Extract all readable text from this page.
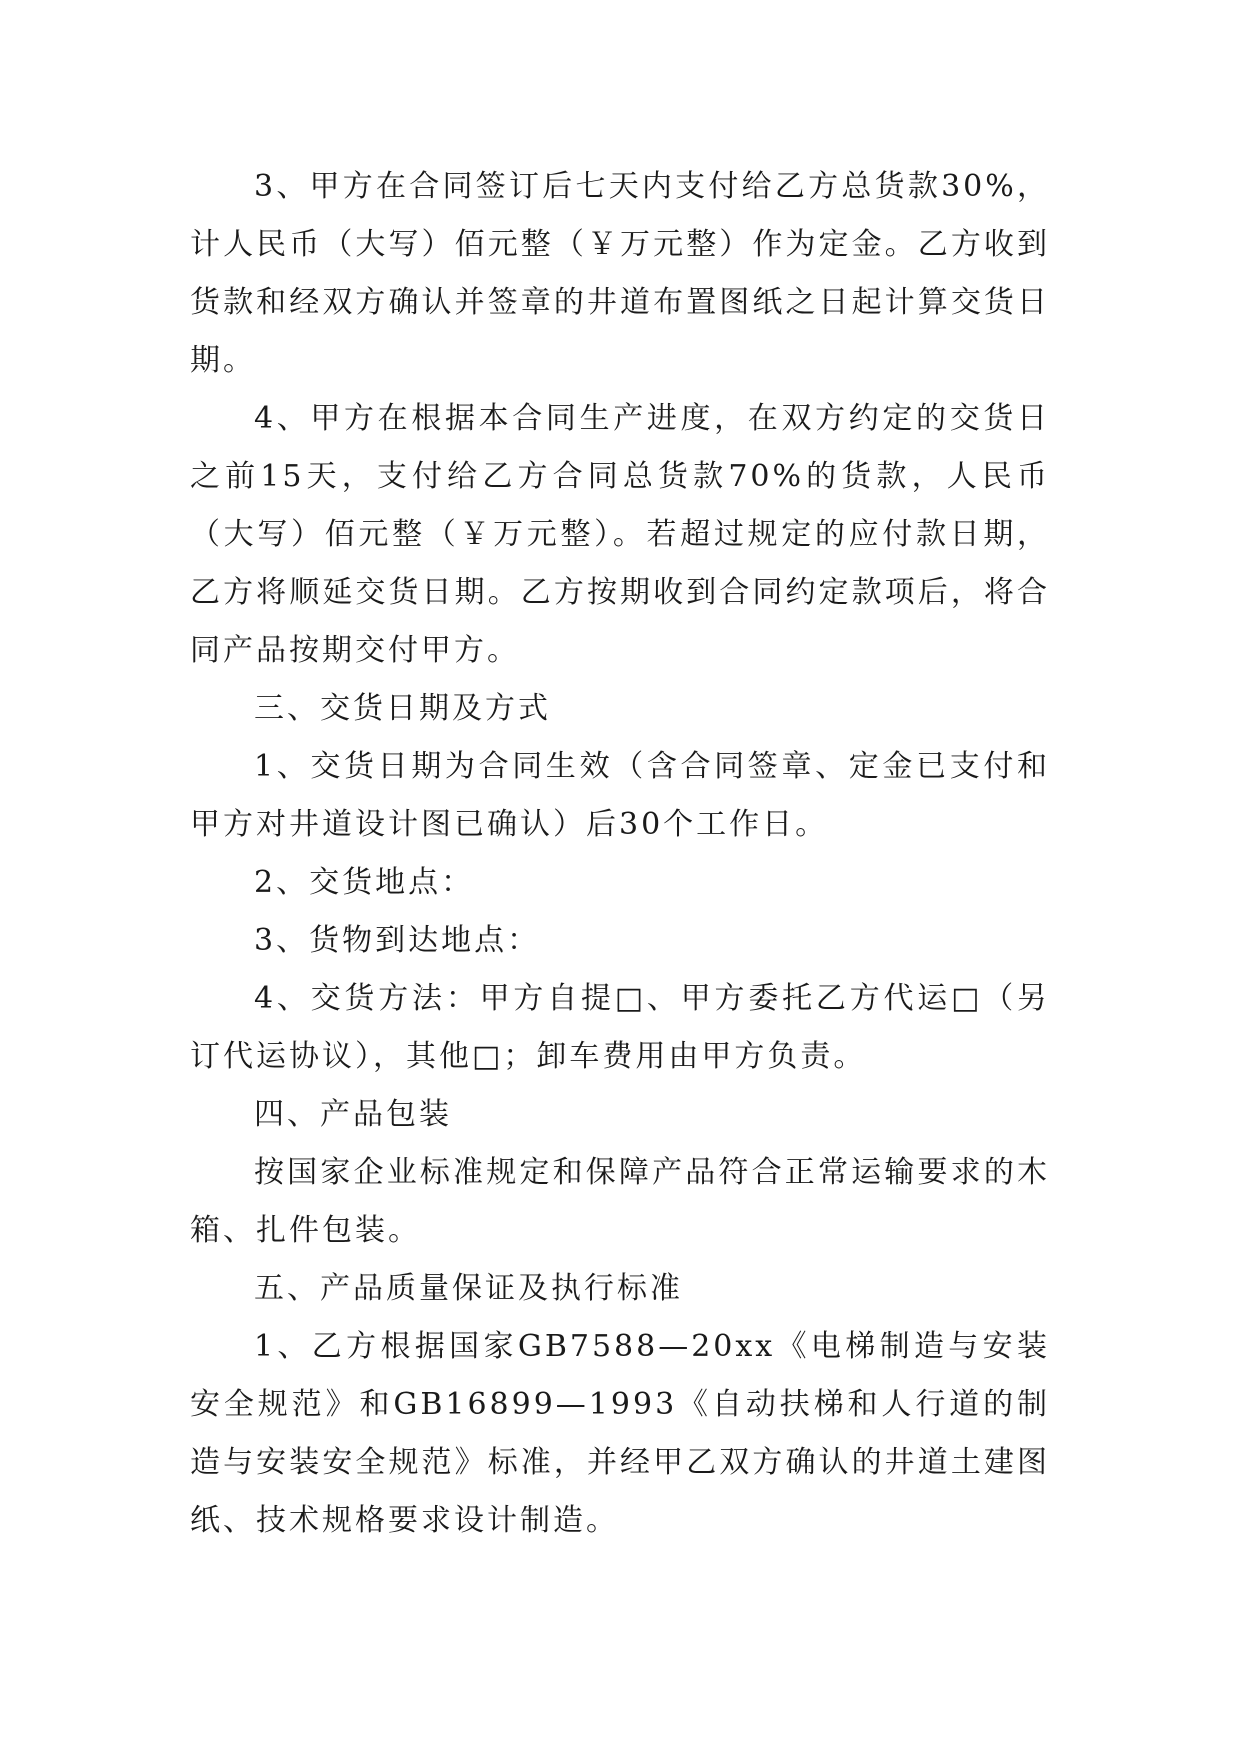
3、甲方在合同签订后七天内支付给乙方总货款30%，计人民币（大写）佰元整（￥万元整）作为定金。乙方收到货款和经双方确认并签章的井道布置图纸之日起计算交货日期。

4、甲方在根据本合同生产进度，在双方约定的交货日之前15天，支付给乙方合同总货款70%的货款，人民币（大写）佰元整（￥万元整）。若超过规定的应付款日期，乙方将顺延交货日期。乙方按期收到合同约定款项后，将合同产品按期交付甲方。

三、交货日期及方式

1、交货日期为合同生效（含合同签章、定金已支付和甲方对井道设计图已确认）后30个工作日。

2、交货地点：

3、货物到达地点：

4、交货方法：甲方自提□、甲方委托乙方代运□（另订代运协议），其他□；卸车费用由甲方负责。

四、产品包装

按国家企业标准规定和保障产品符合正常运输要求的木箱、扎件包装。

五、产品质量保证及执行标准

1、乙方根据国家GB7588—20xx《电梯制造与安装安全规范》和GB16899—1993《自动扶梯和人行道的制造与安装安全规范》标准，并经甲乙双方确认的井道土建图纸、技术规格要求设计制造。
